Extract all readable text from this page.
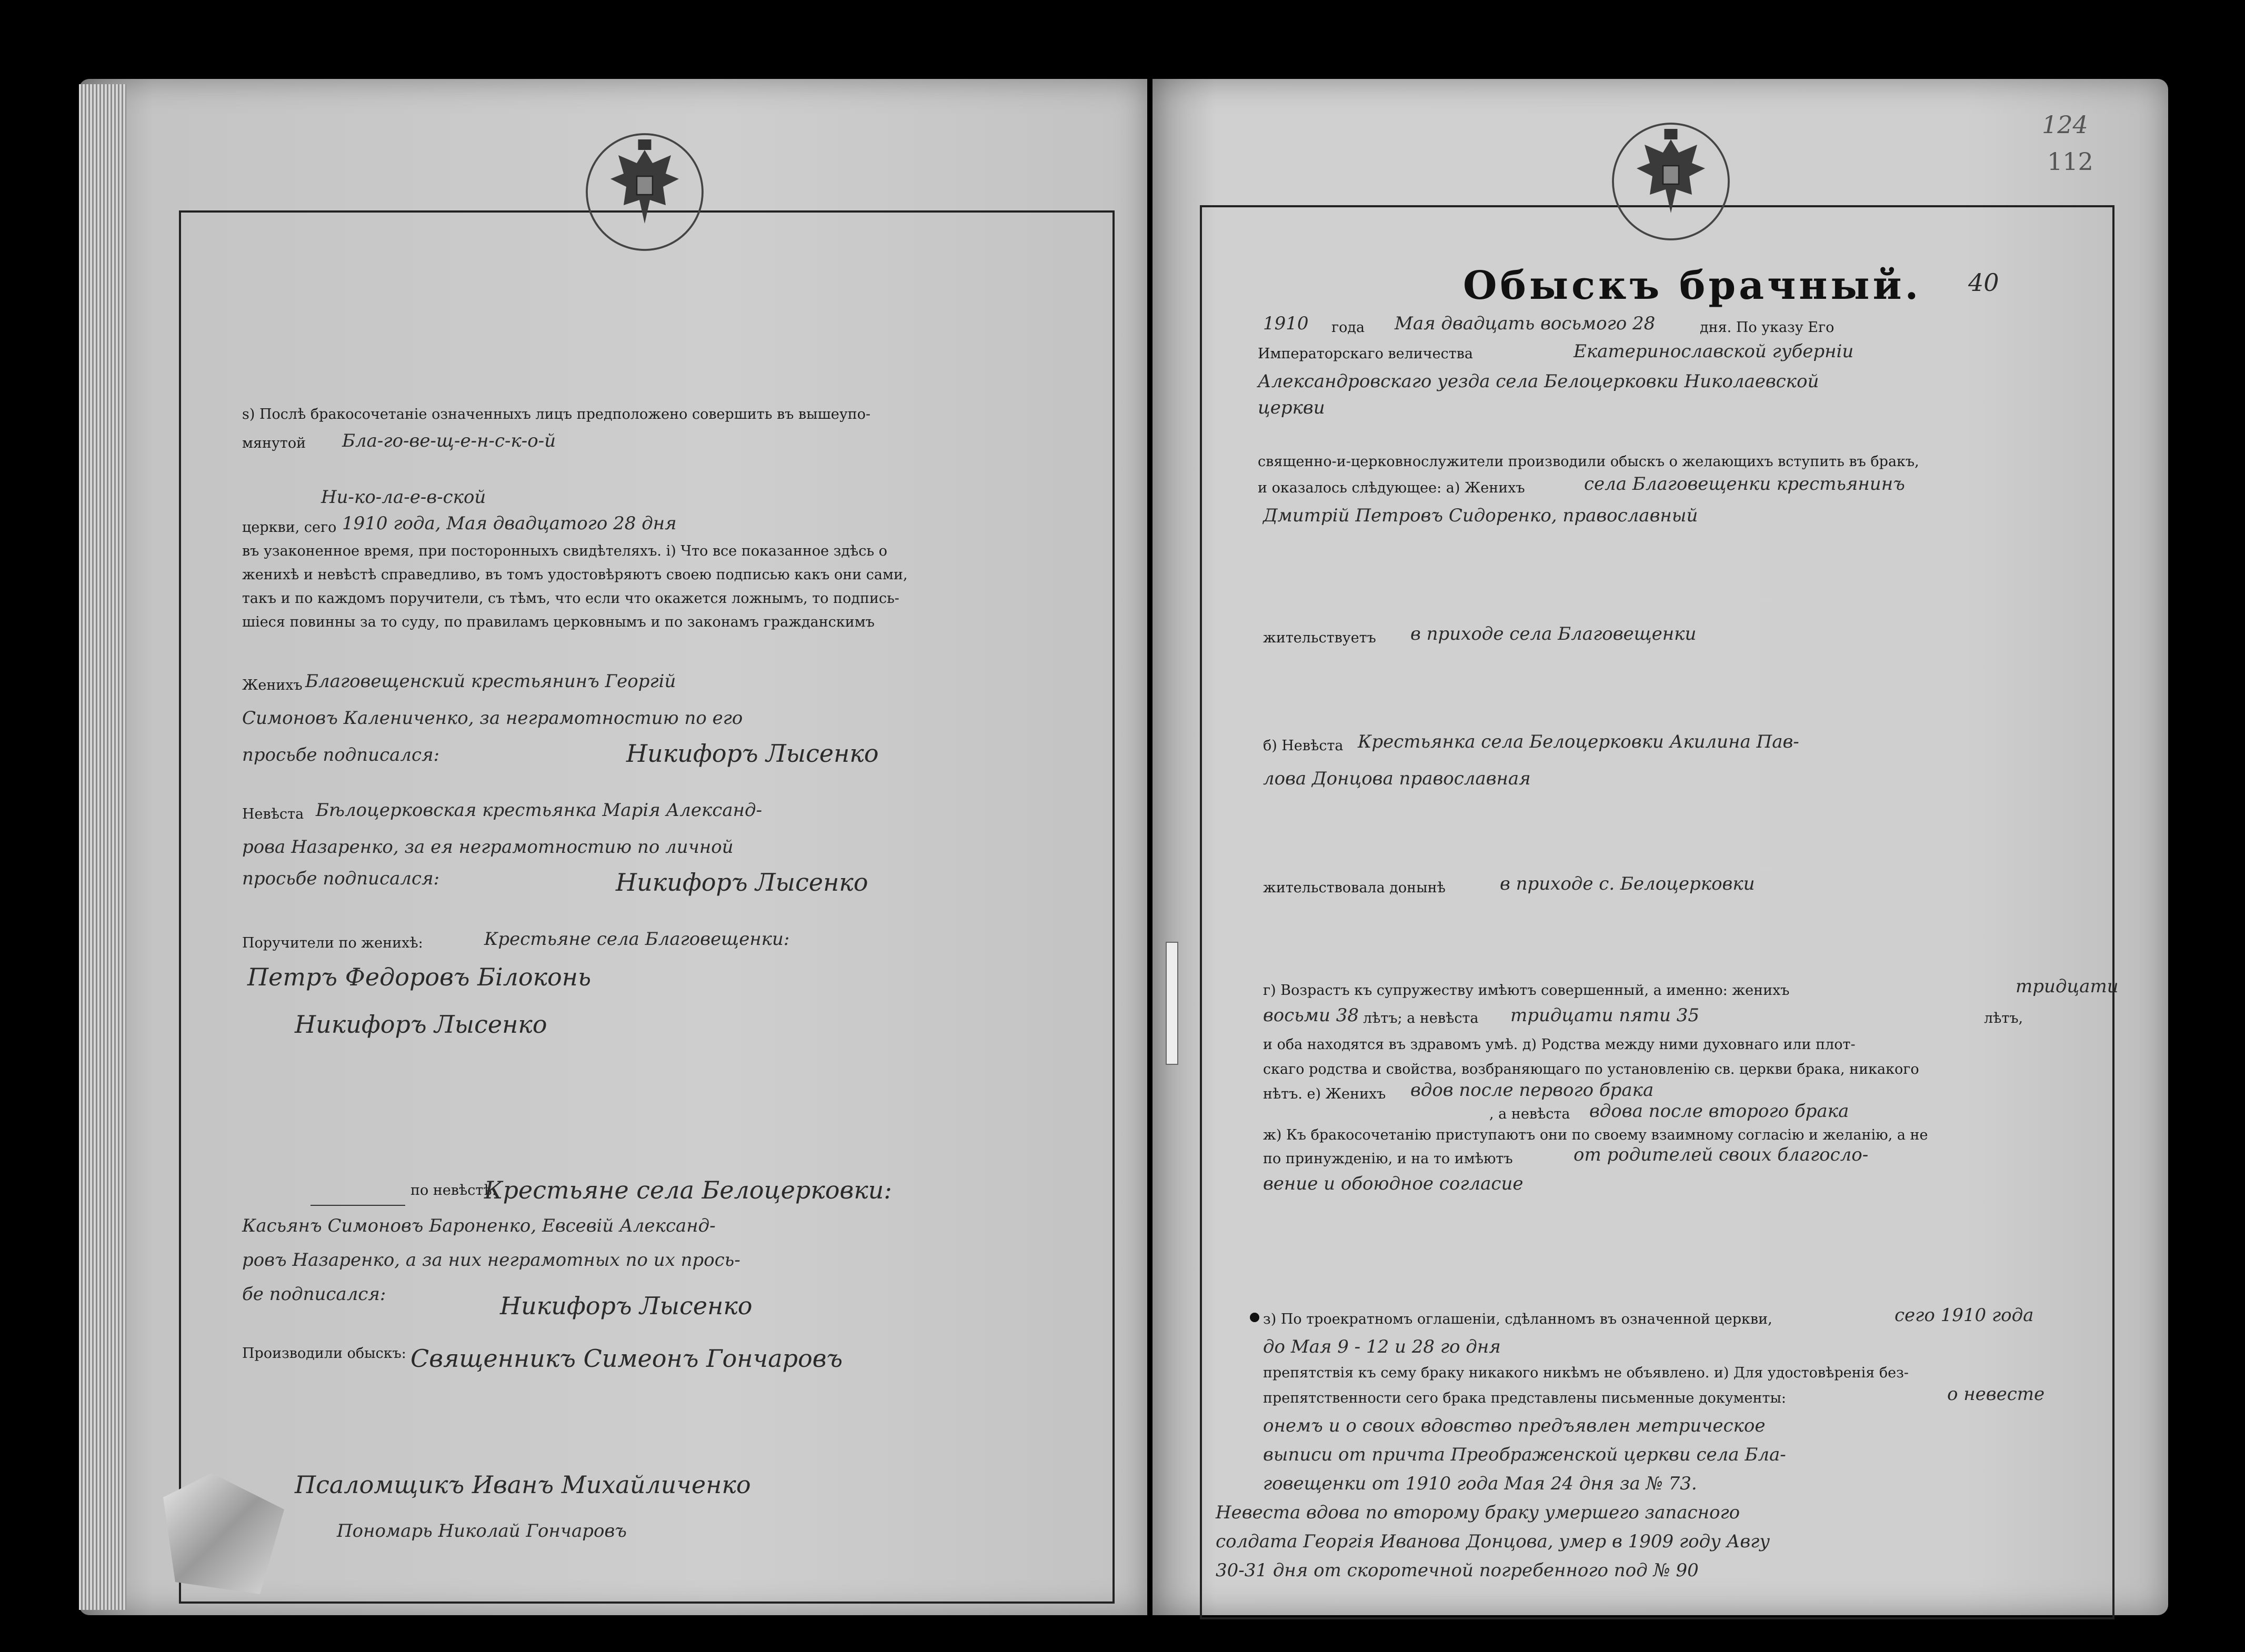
ѕ) Послѣ бракосочетаніе означенныхъ лицъ предположено совершить въ вышеупо-
мянутой Бла-го-ве-щ-е-н-с-к-о-й
Ни-ко-ла-е-в-ской
церкви, сего 1910 года, Мая двадцатого 28 дня
въ узаконенное время, при посторонныхъ свидѣтеляхъ. і) Что все показанное здѣсь о
женихѣ и невѣстѣ справедливо, въ томъ удостовѣряютъ своею подписью какъ они сами,
такъ и по каждомъ поручители, съ тѣмъ, что если что окажется ложнымъ, то подпись-
шіеся повинны за то суду, по правиламъ церковнымъ и по законамъ гражданскимъ
Женихъ Благовещенский крестьянинъ Георгій
Симоновъ Калениченко, за неграмотностию по его
просьбе подписался:	Никифоръ Лысенко
Невѣста Бѣлоцерковская крестьянка Марія Александ-
рова Назаренко, за ея неграмотностию по личной
просьбе подписался:	Никифоръ Лысенко
Поручители по женихѣ:	Крестьяне села Благовещенки:
Петръ Федоровъ Білоконь
Никифоръ Лысенко
по невѣстѣ:
Крестьяне села Белоцерковки:
Касьянъ Симоновъ Бароненко, Евсевій Александ-
ровъ Назаренко, а за них неграмотных по их прось-
бе подписался:	Никифоръ Лысенко
Производили обыскъ: Священникъ Симеонъ Гончаровъ
Псаломщикъ Иванъ Михайличенко
Пономарь Николай Гончаровъ
124
112
Обыскъ брачный. 40
1910 года Мая двадцать восьмого 28	дня. По указу Его
Императорскаго величества	Екатеринославской губерніи
Александровскаго уезда села Белоцерковки Николаевской
церкви
священно-и-церковнослужители производили обыскъ о желающихъ вступить въ бракъ,
и оказалось слѣдующее: а) Женихъ	села Благовещенки крестьянинъ
Дмитрій Петровъ Сидоренко, православный
жительствуетъ в приходе села Благовещенки
б) Невѣста Крестьянка села Белоцерковки Акилина Пав-
лова Донцова православная
жительствовала донынѣ	в приходе с. Белоцерковки
г) Возрастъ къ супружеству имѣютъ совершенный, а именно: женихъ	тридцати
восьми 38 лѣтъ; а невѣста тридцати пяти 35	лѣтъ,
и оба находятся въ здравомъ умѣ. д) Родства между ними духовнаго или плот-
скаго родства и свойства, возбраняющаго по установленію св. церкви брака, никакого
нѣтъ. е) Женихъ вдов после первого брака
, а невѣста вдова после второго брака
ж) Къ бракосочетанію приступаютъ они по своему взаимному согласію и желанію, а не
по принужденію, и на то имѣютъ	от родителей своих благосло-
вение и обоюдное согласие
з) По троекратномъ оглашеніи, сдѣланномъ въ означенной церкви,	сего 1910 года
до Мая 9 - 12 и 28 го дня
препятствія къ сему браку никакого никѣмъ не объявлено. и) Для удостовѣренія без-
препятственности сего брака представлены письменные документы:	о невесте
онемъ и о своих вдовство предъявлен метрическое
выписи от причта Преображенской церкви села Бла-
говещенки от 1910 года Мая 24 дня за № 73.
Невеста вдова по второму браку умершего запасного
солдата Георгія Иванова Донцова, умер в 1909 году Авгу
30-31 дня от скоротечной погребенного под № 90
